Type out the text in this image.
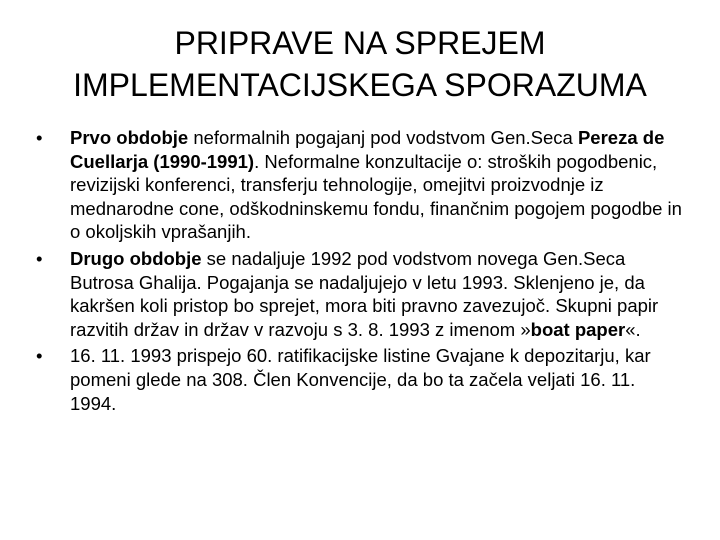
PRIPRAVE NA SPREJEM
IMPLEMENTACIJSKEGA SPORAZUMA
•	Prvo obdobje neformalnih pogajanj pod vodstvom Gen.Seca Pereza de Cuellarja (1990-1991). Neformalne konzultacije o: stroških pogodbenic, revizijski konferenci, transferju tehnologije, omejitvi proizvodnje iz mednarodne cone, odškodninskemu fondu, finančnim pogojem pogodbe in o okoljskih vprašanjih.
•	Drugo obdobje se nadaljuje 1992 pod vodstvom novega Gen.Seca Butrosa Ghalija. Pogajanja se nadaljujejo v letu 1993. Sklenjeno je, da kakršen koli pristop bo sprejet, mora biti pravno zavezujoč. Skupni papir razvitih držav in držav v razvoju s 3. 8. 1993 z imenom »boat paper«.
•	16. 11. 1993 prispejo 60. ratifikacijske listine Gvajane k depozitarju, kar pomeni glede na 308. Člen Konvencije, da bo ta začela veljati 16. 11. 1994.
